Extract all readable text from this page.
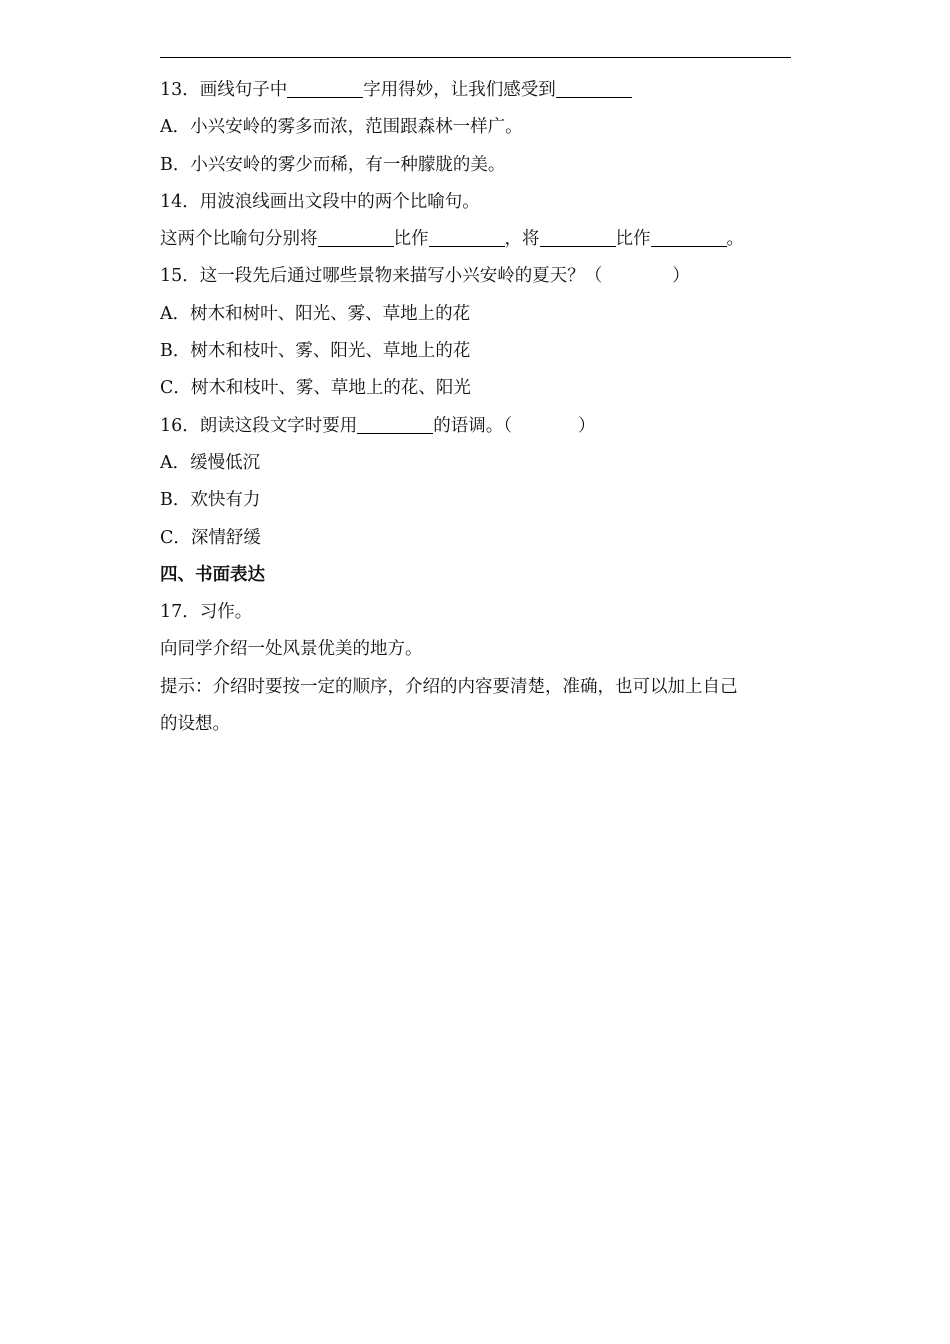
13．画线句子中	字用得妙，让我们感受到
A．小兴安岭的雾多而浓，范围跟森林一样广。
B．小兴安岭的雾少而稀，有一种朦胧的美。
14．用波浪线画出文段中的两个比喻句。
这两个比喻句分别将	比作	，将	比作	。
15．这一段先后通过哪些景物来描写小兴安岭的夏天？（	）
A．树木和树叶、阳光、雾、草地上的花
B．树木和枝叶、雾、阳光、草地上的花
C．树木和枝叶、雾、草地上的花、阳光
16．朗读这段文字时要用	的语调。（	）
A．缓慢低沉
B．欢快有力
C．深情舒缓
四、书面表达
17．习作。
向同学介绍一处风景优美的地方。
提示：介绍时要按一定的顺序，介绍的内容要清楚，准确，也可以加上自己
的设想。
